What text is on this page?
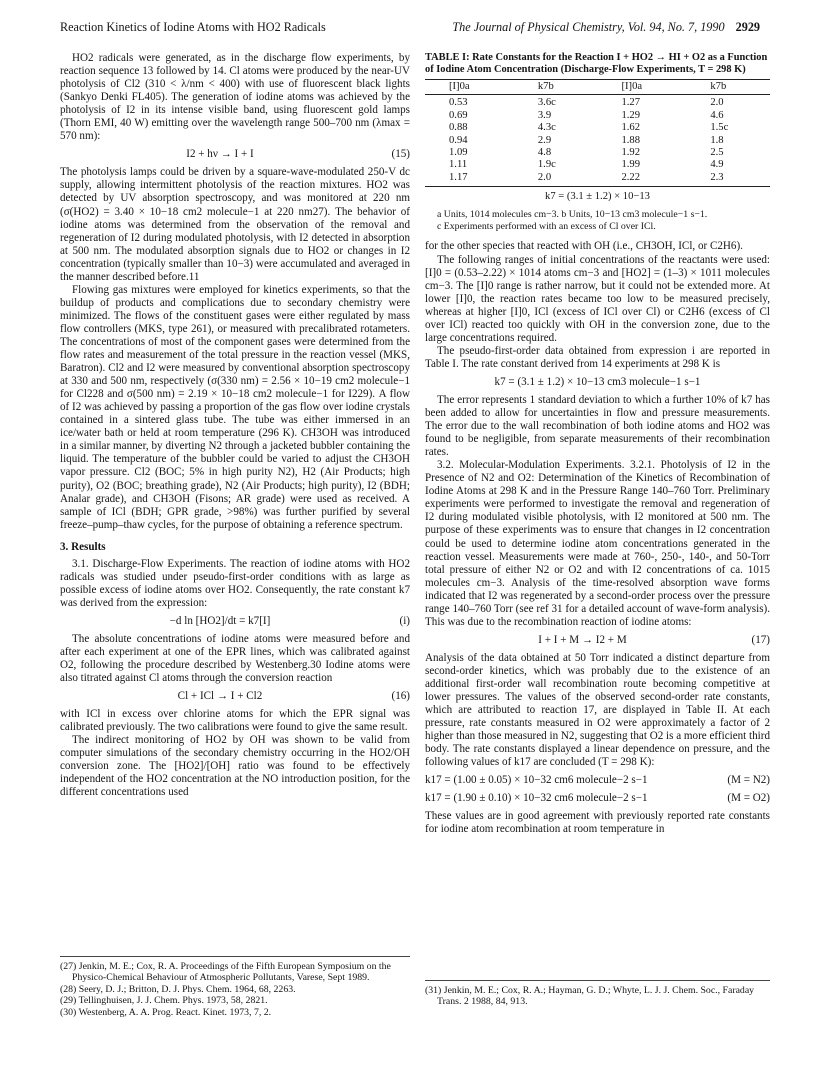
Reaction Kinetics of Iodine Atoms with HO2 Radicals	The Journal of Physical Chemistry, Vol. 94, No. 7, 1990 2929

HO2 radicals were generated, as in the discharge flow experiments, by reaction sequence 13 followed by 14. Cl atoms were produced by the near-UV photolysis of Cl2 (310 < λ/nm < 400) with use of fluorescent black lights (Sankyo Denki FL405). The generation of iodine atoms was achieved by the photolysis of I2 in its intense visible band, using fluorescent gold lamps (Thorn EMI, 40 W) emitting over the wavelength range 500–700 nm (λmax = 570 nm):

I2 + hν → I + I	(15)

The photolysis lamps could be driven by a square-wave-modulated 250-V dc supply, allowing intermittent photolysis of the reaction mixtures. HO2 was detected by UV absorption spectroscopy, and was monitored at 220 nm (σ(HO2) = 3.40 × 10−18 cm2 molecule−1 at 220 nm27). The behavior of iodine atoms was determined from the observation of the removal and regeneration of I2 during modulated photolysis, with I2 detected in absorption at 500 nm. The modulated absorption signals due to HO2 or changes in I2 concentration (typically smaller than 10−3) were accumulated and averaged in the manner described before.11

Flowing gas mixtures were employed for kinetics experiments, so that the buildup of products and complications due to secondary chemistry were minimized. The flows of the constituent gases were either regulated by mass flow controllers (MKS, type 261), or measured with precalibrated rotameters. The concentrations of most of the component gases were determined from the flow rates and measurement of the total pressure in the reaction vessel (MKS, Baratron). Cl2 and I2 were measured by conventional absorption spectroscopy at 330 and 500 nm, respectively (σ(330 nm) = 2.56 × 10−19 cm2 molecule−1 for Cl228 and σ(500 nm) = 2.19 × 10−18 cm2 molecule−1 for I229). A flow of I2 was achieved by passing a proportion of the gas flow over iodine crystals contained in a sintered glass tube. The tube was either immersed in an ice/water bath or held at room temperature (296 K). CH3OH was introduced in a similar manner, by diverting N2 through a jacketed bubbler containing the liquid. The temperature of the bubbler could be varied to adjust the CH3OH vapor pressure. Cl2 (BOC; 5% in high purity N2), H2 (Air Products; high purity), O2 (BOC; breathing grade), N2 (Air Products; high purity), I2 (BDH; Analar grade), and CH3OH (Fisons; AR grade) were used as received. A sample of ICl (BDH; GPR grade, >98%) was further purified by several freeze–pump–thaw cycles, for the purpose of obtaining a reference spectrum.

3. Results

3.1. Discharge-Flow Experiments. The reaction of iodine atoms with HO2 radicals was studied under pseudo-first-order conditions with as large as possible excess of iodine atoms over HO2. Consequently, the rate constant k7 was derived from the expression:

−d ln [HO2]/dt = k7[I]	(i)

The absolute concentrations of iodine atoms were measured before and after each experiment at one of the EPR lines, which was calibrated against O2, following the procedure described by Westenberg.30 Iodine atoms were also titrated against Cl atoms through the conversion reaction

Cl + ICl → I + Cl2	(16)

with ICl in excess over chlorine atoms for which the EPR signal was calibrated previously. The two calibrations were found to give the same result.

The indirect monitoring of HO2 by OH was shown to be valid from computer simulations of the secondary chemistry occurring in the HO2/OH conversion zone. The [HO2]/[OH] ratio was found to be effectively independent of the HO2 concentration at the NO introduction position, for the different concentrations used

TABLE I: Rate Constants for the Reaction I + HO2 → HI + O2 as a Function of Iodine Atom Concentration (Discharge-Flow Experiments, T = 298 K)
[I]0a	k7b	[I]0a	k7b
0.53	3.6c	1.27	2.0
0.69	3.9	1.29	4.6
0.88	4.3c	1.62	1.5c
0.94	2.9	1.88	1.8
1.09	4.8	1.92	2.5
1.11	1.9c	1.99	4.9
1.17	2.0	2.22	2.3
k7 = (3.1 ± 1.2) × 10−13
a Units, 1014 molecules cm−3. b Units, 10−13 cm3 molecule−1 s−1.
c Experiments performed with an excess of Cl over ICl.

for the other species that reacted with OH (i.e., CH3OH, ICl, or C2H6).

The following ranges of initial concentrations of the reactants were used: [I]0 = (0.53–2.22) × 1014 atoms cm−3 and [HO2] = (1–3) × 1011 molecules cm−3. The [I]0 range is rather narrow, but it could not be extended more. At lower [I]0, the reaction rates became too low to be measured precisely, whereas at higher [I]0, ICl (excess of ICl over Cl) or C2H6 (excess of Cl over ICl) reacted too quickly with OH in the conversion zone, due to the large concentrations required.

The pseudo-first-order data obtained from expression i are reported in Table I. The rate constant derived from 14 experiments at 298 K is

k7 = (3.1 ± 1.2) × 10−13 cm3 molecule−1 s−1

The error represents 1 standard deviation to which a further 10% of k7 has been added to allow for uncertainties in flow and pressure measurements. The error due to the wall recombination of both iodine atoms and HO2 was found to be negligible, from separate measurements of their recombination rates.

3.2. Molecular-Modulation Experiments. 3.2.1. Photolysis of I2 in the Presence of N2 and O2: Determination of the Kinetics of Recombination of Iodine Atoms at 298 K and in the Pressure Range 140–760 Torr. Preliminary experiments were performed to investigate the removal and regeneration of I2 during modulated visible photolysis, with I2 monitored at 500 nm. The purpose of these experiments was to ensure that changes in I2 concentration could be used to determine iodine atom concentrations generated in the reaction vessel. Measurements were made at 760-, 250-, 140-, and 50-Torr total pressure of either N2 or O2 and with I2 concentrations of ca. 1015 molecules cm−3. Analysis of the time-resolved absorption wave forms indicated that I2 was regenerated by a second-order process over the pressure range 140–760 Torr (see ref 31 for a detailed account of wave-form analysis). This was due to the recombination reaction of iodine atoms:

I + I + M → I2 + M	(17)

Analysis of the data obtained at 50 Torr indicated a distinct departure from second-order kinetics, which was probably due to the existence of an additional first-order wall recombination route becoming competitive at lower pressures. The values of the observed second-order rate constants, which are attributed to reaction 17, are displayed in Table II. At each pressure, rate constants measured in O2 were approximately a factor of 2 higher than those measured in N2, suggesting that O2 is a more efficient third body. The rate constants displayed a linear dependence on pressure, and the following values of k17 are concluded (T = 298 K):

k17 = (1.00 ± 0.05) × 10−32 cm6 molecule−2 s−1	(M = N2)
k17 = (1.90 ± 0.10) × 10−32 cm6 molecule−2 s−1	(M = O2)

These values are in good agreement with previously reported rate constants for iodine atom recombination at room temperature in

(27) Jenkin, M. E.; Cox, R. A. Proceedings of the Fifth European Symposium on the Physico-Chemical Behaviour of Atmospheric Pollutants, Varese, Sept 1989.
(28) Seery, D. J.; Britton, D. J. Phys. Chem. 1964, 68, 2263.
(29) Tellinghuisen, J. J. Chem. Phys. 1973, 58, 2821.
(30) Westenberg, A. A. Prog. React. Kinet. 1973, 7, 2.
(31) Jenkin, M. E.; Cox, R. A.; Hayman, G. D.; Whyte, L. J. J. Chem. Soc., Faraday Trans. 2 1988, 84, 913.
